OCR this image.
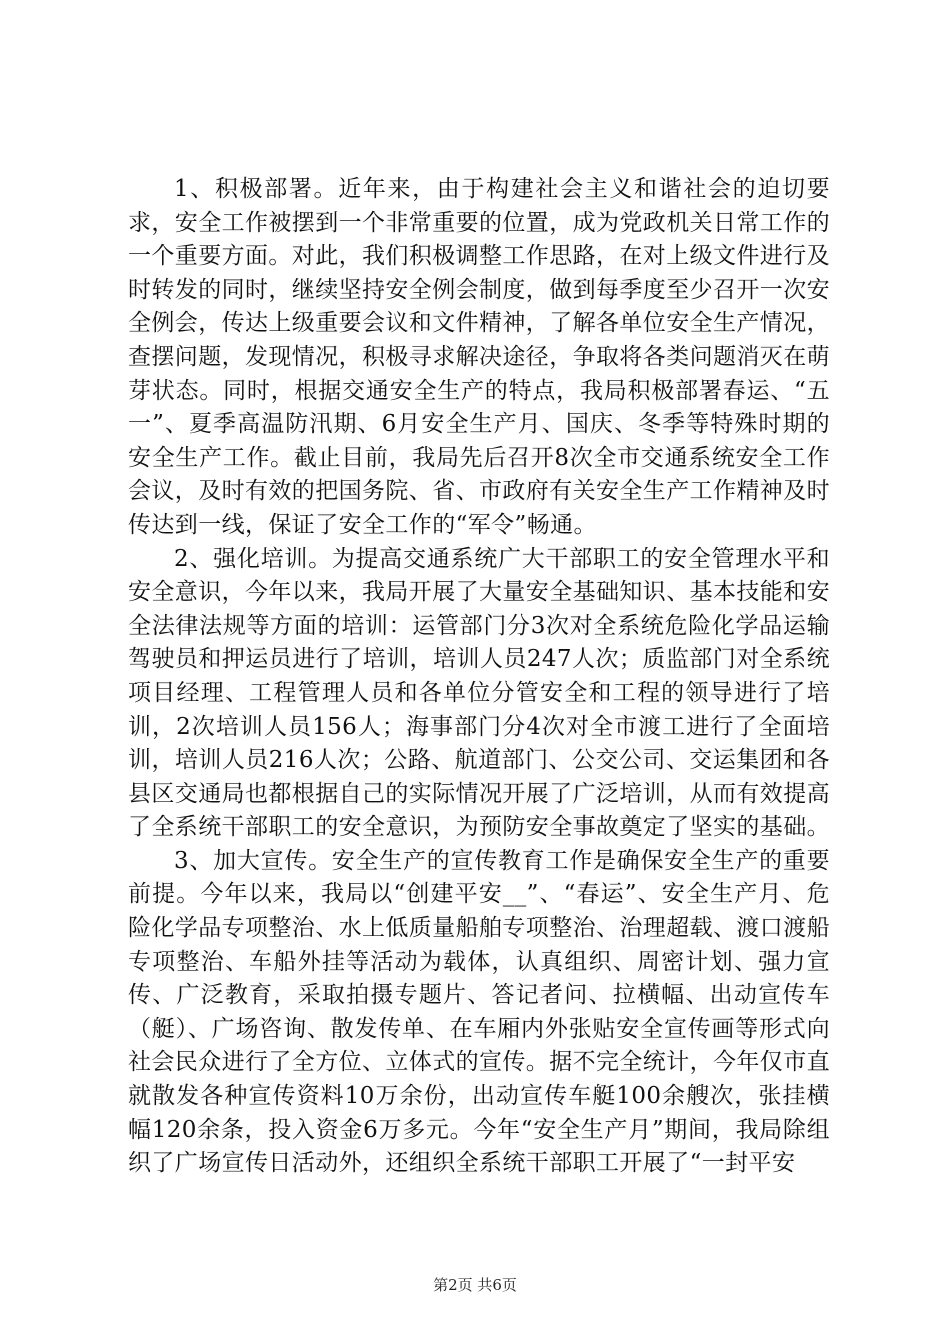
1、积极部署。近年来，由于构建社会主义和谐社会的迫切要求，安全工作被摆到一个非常重要的位置，成为党政机关日常工作的一个重要方面。对此，我们积极调整工作思路，在对上级文件进行及时转发的同时，继续坚持安全例会制度，做到每季度至少召开一次安全例会，传达上级重要会议和文件精神，了解各单位安全生产情况，查摆问题，发现情况，积极寻求解决途径，争取将各类问题消灭在萌芽状态。同时，根据交通安全生产的特点，我局积极部署春运、“五一”、夏季高温防汛期、6月安全生产月、国庆、冬季等特殊时期的安全生产工作。截止目前，我局先后召开8次全市交通系统安全工作会议，及时有效的把国务院、省、市政府有关安全生产工作精神及时传达到一线，保证了安全工作的“军令”畅通。

2、强化培训。为提高交通系统广大干部职工的安全管理水平和安全意识，今年以来，我局开展了大量安全基础知识、基本技能和安全法律法规等方面的培训：运管部门分3次对全系统危险化学品运输驾驶员和押运员进行了培训，培训人员247人次；质监部门对全系统项目经理、工程管理人员和各单位分管安全和工程的领导进行了培训，2次培训人员156人；海事部门分4次对全市渡工进行了全面培训，培训人员216人次；公路、航道部门、公交公司、交运集团和各县区交通局也都根据自己的实际情况开展了广泛培训，从而有效提高了全系统干部职工的安全意识，为预防安全事故奠定了坚实的基础。

3、加大宣传。安全生产的宣传教育工作是确保安全生产的重要前提。今年以来，我局以“创建平安__”、“春运”、安全生产月、危险化学品专项整治、水上低质量船舶专项整治、治理超载、渡口渡船专项整治、车船外挂等活动为载体，认真组织、周密计划、强力宣传、广泛教育，采取拍摄专题片、答记者问、拉横幅、出动宣传车（艇）、广场咨询、散发传单、在车厢内外张贴安全宣传画等形式向社会民众进行了全方位、立体式的宣传。据不完全统计，今年仅市直就散发各种宣传资料10万余份，出动宣传车艇100余艘次，张挂横幅120余条，投入资金6万多元。今年“安全生产月”期间，我局除组织了广场宣传日活动外，还组织全系统干部职工开展了“一封平安

第2页 共6页
